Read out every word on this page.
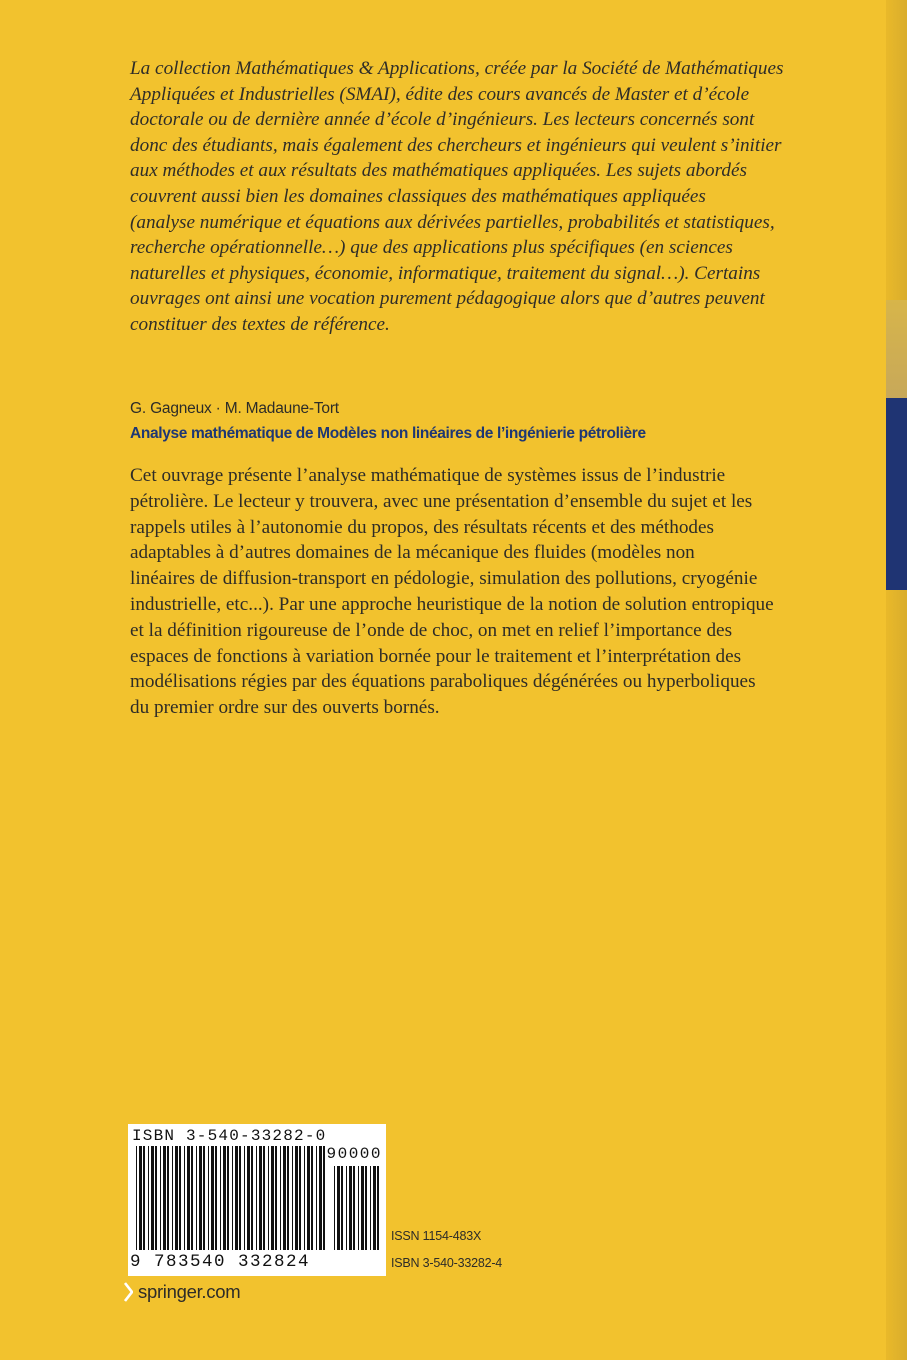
La collection Mathématiques & Applications, créée par la Société de Mathématiques
Appliquées et Industrielles (SMAI), édite des cours avancés de Master et d’école
doctorale ou de dernière année d’école d’ingénieurs. Les lecteurs concernés sont
donc des étudiants, mais également des chercheurs et ingénieurs qui veulent s’initier
aux méthodes et aux résultats des mathématiques appliquées. Les sujets abordés
couvrent aussi bien les domaines classiques des mathématiques appliquées
(analyse numérique et équations aux dérivées partielles, probabilités et statistiques,
recherche opérationnelle…) que des applications plus spécifiques (en sciences
naturelles et physiques, économie, informatique, traitement du signal…). Certains
ouvrages ont ainsi une vocation purement pédagogique alors que d’autres peuvent
constituer des textes de référence.

G. Gagneux · M. Madaune-Tort

Analyse mathématique de Modèles non linéaires de l’ingénierie pétrolière

Cet ouvrage présente l’analyse mathématique de systèmes issus de l’industrie
pétrolière. Le lecteur y trouvera, avec une présentation d’ensemble du sujet et les
rappels utiles à l’autonomie du propos, des résultats récents et des méthodes
adaptables à d’autres domaines de la mécanique des fluides (modèles non
linéaires de diffusion-transport en pédologie, simulation des pollutions, cryogénie
industrielle, etc...). Par une approche heuristique de la notion de solution entropique
et la définition rigoureuse de l’onde de choc, on met en relief l’importance des
espaces de fonctions à variation bornée pour le traitement et l’interprétation des
modélisations régies par des équations paraboliques dégénérées ou hyperboliques
du premier ordre sur des ouverts bornés.

ISBN 3-540-33282-0
90000
9 783540 332824
ISSN 1154-483X
ISBN 3-540-33282-4
springer.com
